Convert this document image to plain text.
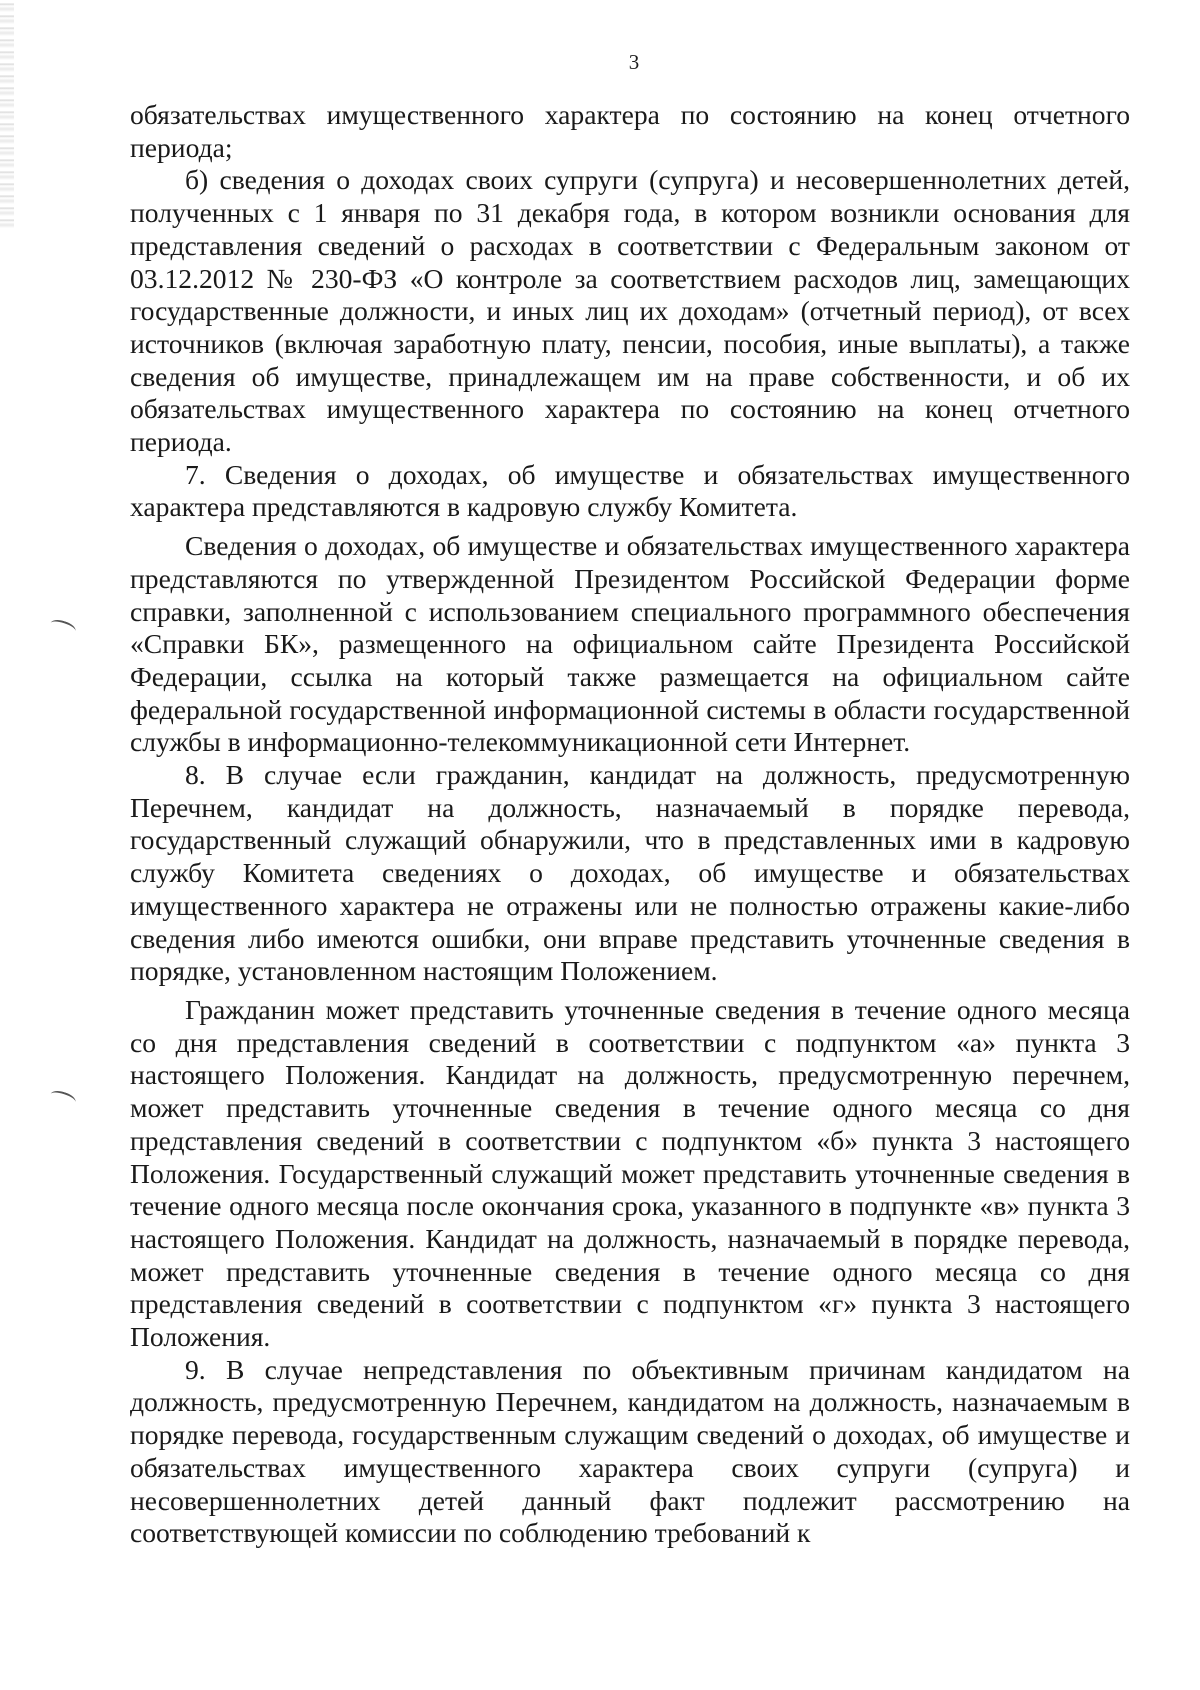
3

обязательствах имущественного характера по состоянию на конец отчетного периода;

б) сведения о доходах своих супруги (супруга) и несовершеннолетних детей, полученных с 1 января по 31 декабря года, в котором возникли основания для представления сведений о расходах в соответствии с Федеральным законом от 03.12.2012 № 230-ФЗ «О контроле за соответствием расходов лиц, замещающих государственные должности, и иных лиц их доходам» (отчетный период), от всех источников (включая заработную плату, пенсии, пособия, иные выплаты), а также сведения об имуществе, принадлежащем им на праве собственности, и об их обязательствах имущественного характера по состоянию на конец отчетного периода.

7. Сведения о доходах, об имуществе и обязательствах имущественного характера представляются в кадровую службу Комитета.

Сведения о доходах, об имуществе и обязательствах имущественного характера представляются по утвержденной Президентом Российской Федерации форме справки, заполненной с использованием специального программного обеспечения «Справки БК», размещенного на официальном сайте Президента Российской Федерации, ссылка на который также размещается на официальном сайте федеральной государственной информационной системы в области государственной службы в информационно-телекоммуникационной сети Интернет.

8. В случае если гражданин, кандидат на должность, предусмотренную Перечнем, кандидат на должность, назначаемый в порядке перевода, государственный служащий обнаружили, что в представленных ими в кадровую службу Комитета сведениях о доходах, об имуществе и обязательствах имущественного характера не отражены или не полностью отражены какие-либо сведения либо имеются ошибки, они вправе представить уточненные сведения в порядке, установленном настоящим Положением.

Гражданин может представить уточненные сведения в течение одного месяца со дня представления сведений в соответствии с подпунктом «а» пункта 3 настоящего Положения. Кандидат на должность, предусмотренную перечнем, может представить уточненные сведения в течение одного месяца со дня представления сведений в соответствии с подпунктом «б» пункта 3 настоящего Положения. Государственный служащий может представить уточненные сведения в течение одного месяца после окончания срока, указанного в подпункте «в» пункта 3 настоящего Положения. Кандидат на должность, назначаемый в порядке перевода, может представить уточненные сведения в течение одного месяца со дня представления сведений в соответствии с подпунктом «г» пункта 3 настоящего Положения.

9. В случае непредставления по объективным причинам кандидатом на должность, предусмотренную Перечнем, кандидатом на должность, назначаемым в порядке перевода, государственным служащим сведений о доходах, об имуществе и обязательствах имущественного характера своих супруги (супруга) и несовершеннолетних детей данный факт подлежит рассмотрению на соответствующей комиссии по соблюдению требований к
